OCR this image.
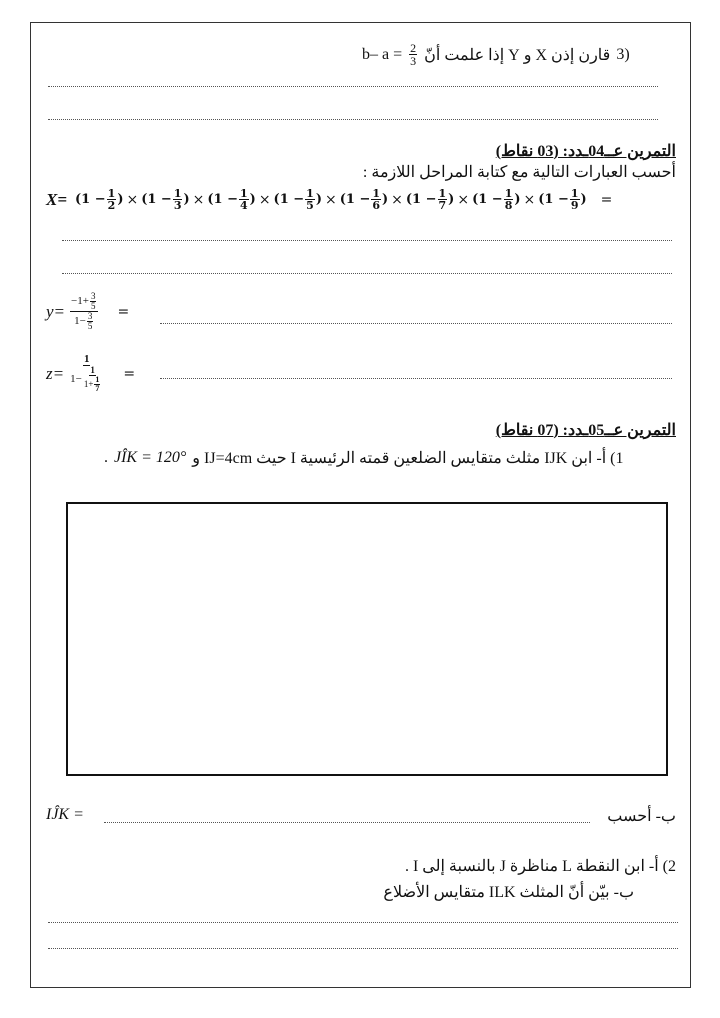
b– $a = \frac{2}{3}$ قارن إذن X و Y إذا علمت أنّ 3)
التمرين عــ04ـدد: (03 نقاط)
أحسب العبارات التالية مع كتابة المراحل اللازمة :
$X= (1 - \frac{1}{2}$ ) × ($1 - \frac{1}{3}$ ) × ($1 - \frac{1}{4}$ ) × ($1 - \frac{1}{5}$ ) × ($1 - \frac{1}{6}$ ) × ($1 - \frac{1}{7}$ ) × ($1 - \frac{1}{8}$ ) × ($1 - \frac{1}{9}$ ) =
$y= \frac{-1+ \frac{3}{5}}{1- \frac{3}{5}}$ =
z=
1
$1- \frac{1}{1+ \frac{1}{7}}$ =
التمرين عــ05ـدد: (07 نقاط)
. JÎK = 120° 1) أ- ابن IJK مثلث متقايس الضلعين قمته الرئيسية I حيث IJ=4cm و
IĴK =	ب- أحسب
2) أ- ابن النقطة L مناظرة J بالنسبة إلى I .
ب- بيّن أنّ المثلث ILK متقايس الأضلاع
